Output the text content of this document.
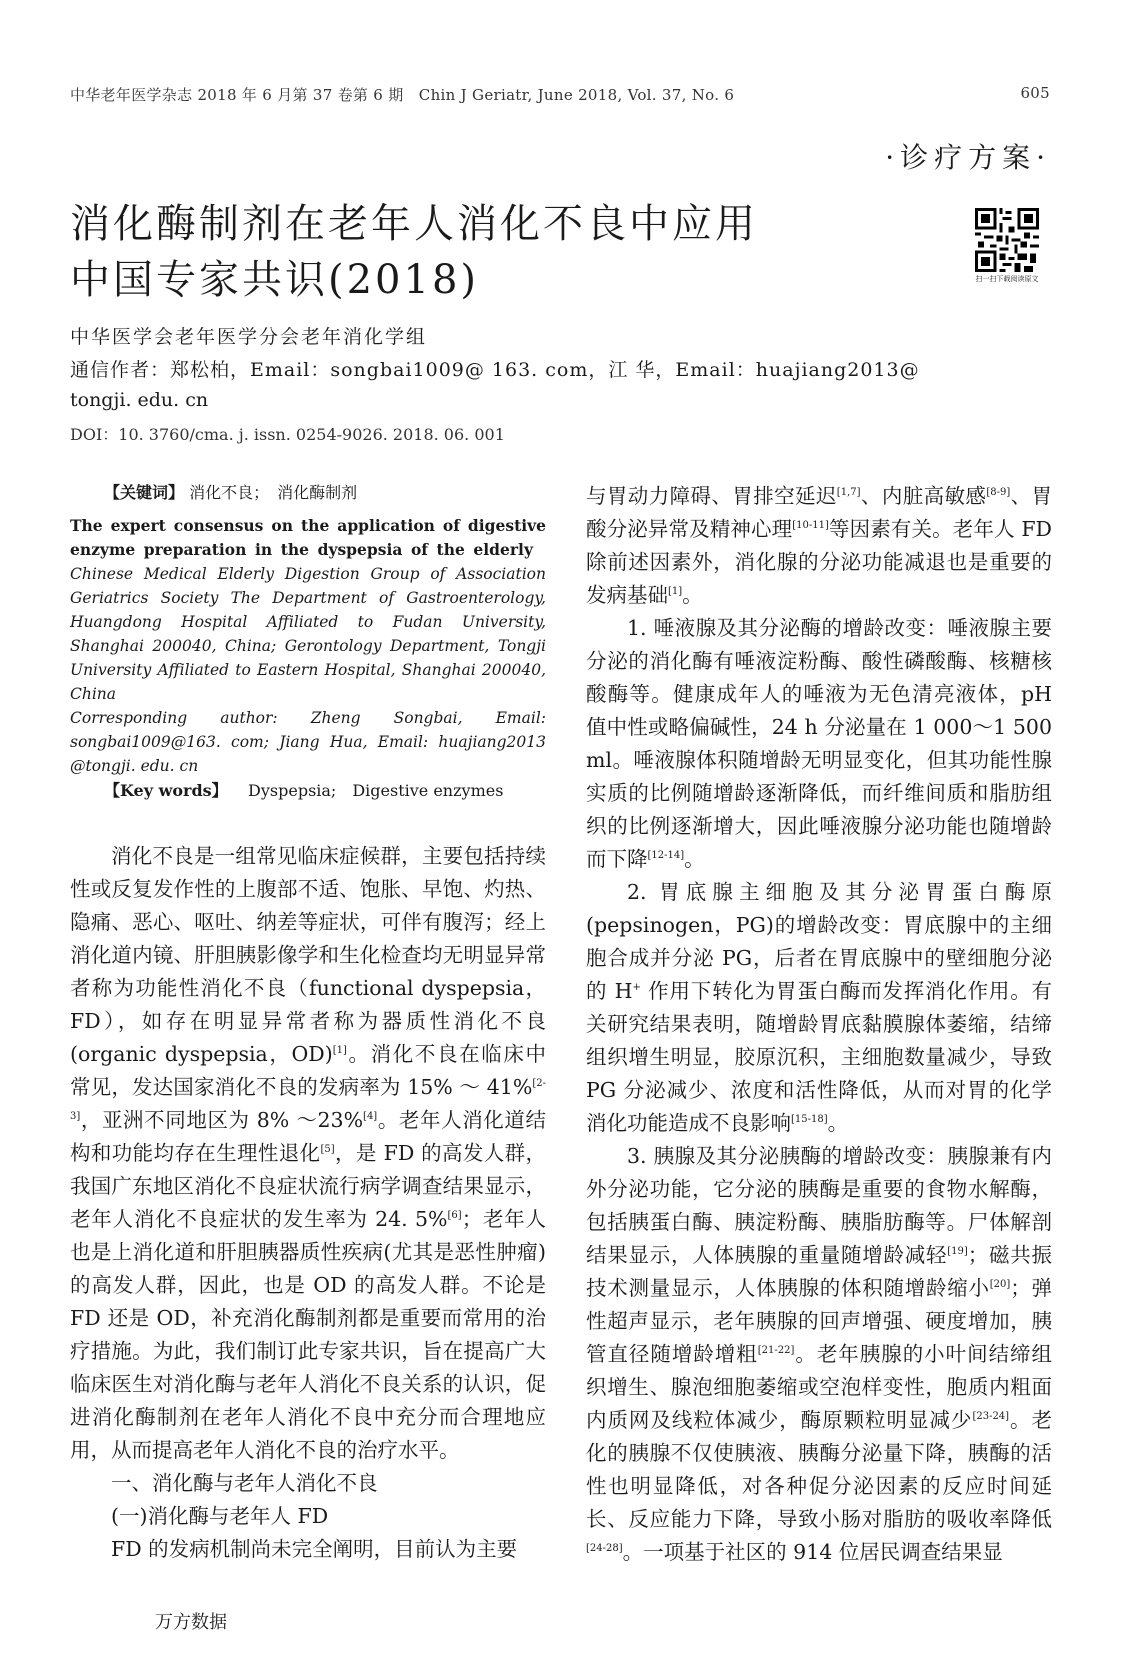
中华老年医学杂志 2018 年 6 月第 37 卷第 6 期　Chin J Geriatr, June 2018, Vol. 37, No. 6	605
·诊疗方案·
消化酶制剂在老年人消化不良中应用
中国专家共识(2018)	扫一扫下载阅读原文
中华医学会老年医学分会老年消化学组
通信作者：郑松柏，Email：songbai1009@ 163. com，江 华，Email：huajiang2013@
tongji. edu. cn
DOI：10. 3760/cma. j. issn. 0254-9026. 2018. 06. 001
【关键词】 消化不良；　消化酶制剂
The expert consensus on the application of digestive enzyme preparation in the dyspepsia of the elderly   Chinese Medical Elderly Digestion Group of Association Geriatrics Society The Department of Gastroenterology, Huangdong Hospital Affiliated to Fudan University, Shanghai 200040, China; Gerontology Department, Tongji University Affiliated to Eastern Hospital, Shanghai 200040, China
Corresponding author: Zheng Songbai, Email: songbai1009@163. com; Jiang Hua, Email: huajiang2013 @tongji. edu. cn
【Key words】 Dyspepsia;　Digestive enzymes

消化不良是一组常见临床症候群，主要包括持续性或反复发作性的上腹部不适、饱胀、早饱、灼热、隐痛、恶心、呕吐、纳差等症状，可伴有腹泻；经上消化道内镜、肝胆胰影像学和生化检查均无明显异常者称为功能性消化不良（functional dyspepsia，FD），如存在明显异常者称为器质性消化不良(organic dyspepsia，OD)[1]。消化不良在临床中常见，发达国家消化不良的发病率为 15% ～ 41%[2-3]，亚洲不同地区为 8% ～23%[4]。老年人消化道结构和功能均存在生理性退化[5]，是 FD 的高发人群，我国广东地区消化不良症状流行病学调查结果显示，老年人消化不良症状的发生率为 24. 5%[6]；老年人也是上消化道和肝胆胰器质性疾病(尤其是恶性肿瘤)的高发人群，因此，也是 OD 的高发人群。不论是 FD 还是 OD，补充消化酶制剂都是重要而常用的治疗措施。为此，我们制订此专家共识，旨在提高广大临床医生对消化酶与老年人消化不良关系的认识，促进消化酶制剂在老年人消化不良中充分而合理地应用，从而提高老年人消化不良的治疗水平。

一、消化酶与老年人消化不良

(一)消化酶与老年人 FD

FD 的发病机制尚未完全阐明，目前认为主要

与胃动力障碍、胃排空延迟[1,7]、内脏高敏感[8-9]、胃酸分泌异常及精神心理[10-11]等因素有关。老年人 FD 除前述因素外，消化腺的分泌功能减退也是重要的发病基础[1]。

1. 唾液腺及其分泌酶的增龄改变：唾液腺主要分泌的消化酶有唾液淀粉酶、酸性磷酸酶、核糖核酸酶等。健康成年人的唾液为无色清亮液体，pH 值中性或略偏碱性，24 h 分泌量在 1 000～1 500 ml。唾液腺体积随增龄无明显变化，但其功能性腺实质的比例随增龄逐渐降低，而纤维间质和脂肪组织的比例逐渐增大，因此唾液腺分泌功能也随增龄而下降[12-14]。

2. 胃底腺主细胞及其分泌胃蛋白酶原(pepsinogen，PG)的增龄改变：胃底腺中的主细胞合成并分泌 PG，后者在胃底腺中的壁细胞分泌的 H+ 作用下转化为胃蛋白酶而发挥消化作用。有关研究结果表明，随增龄胃底黏膜腺体萎缩，结缔组织增生明显，胶原沉积，主细胞数量减少，导致 PG 分泌减少、浓度和活性降低，从而对胃的化学消化功能造成不良影响[15-18]。

3. 胰腺及其分泌胰酶的增龄改变：胰腺兼有内外分泌功能，它分泌的胰酶是重要的食物水解酶，包括胰蛋白酶、胰淀粉酶、胰脂肪酶等。尸体解剖结果显示，人体胰腺的重量随增龄减轻[19]；磁共振技术测量显示，人体胰腺的体积随增龄缩小[20]；弹性超声显示，老年胰腺的回声增强、硬度增加，胰管直径随增龄增粗[21-22]。老年胰腺的小叶间结缔组织增生、腺泡细胞萎缩或空泡样变性，胞质内粗面内质网及线粒体减少，酶原颗粒明显减少[23-24]。老化的胰腺不仅使胰液、胰酶分泌量下降，胰酶的活性也明显降低，对各种促分泌因素的反应时间延长、反应能力下降，导致小肠对脂肪的吸收率降低[24-28]。一项基于社区的 914 位居民调查结果显

万方数据
